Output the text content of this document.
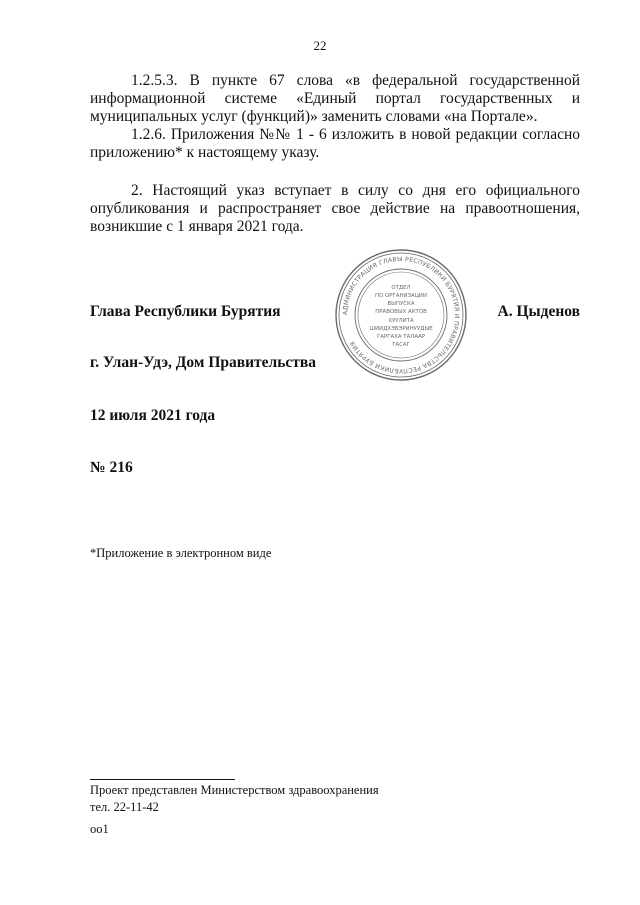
22

1.2.5.3. В пункте 67 слова «в федеральной государственной информационной системе «Единый портал государственных и муниципальных услуг (функций)» заменить словами «на Портале».

1.2.6. Приложения №№ 1 - 6 изложить в новой редакции согласно приложению* к настоящему указу.

2. Настоящий указ вступает в силу со дня его официального опубликования и распространяет свое действие на правоотношения, возникшие с 1 января 2021 года.

Глава Республики Бурятия	А. Цыденов
АДМИНИСТРАЦИЯ ГЛАВЫ РЕСПУБЛИКИ БУРЯТИЯ И ПРАВИТЕЛЬСТВА РЕСПУБЛИКИ БУРЯТИЯ
ОТДЕЛ
ПО ОРГАНИЗАЦИИ
ВЫПУСКА
ПРАВОВЫХ АКТОВ
ХУУЛИТА
ШИИДХЭБЭРИНУУДЫЕ
ГАРГАХА ТАЛААР
ТАСАГ
г. Улан-Удэ, Дом Правительства
12 июля 2021 года
№ 216
*Приложение в электронном виде
Проект представлен Министерством здравоохранения
тел. 22-11-42
оо1
